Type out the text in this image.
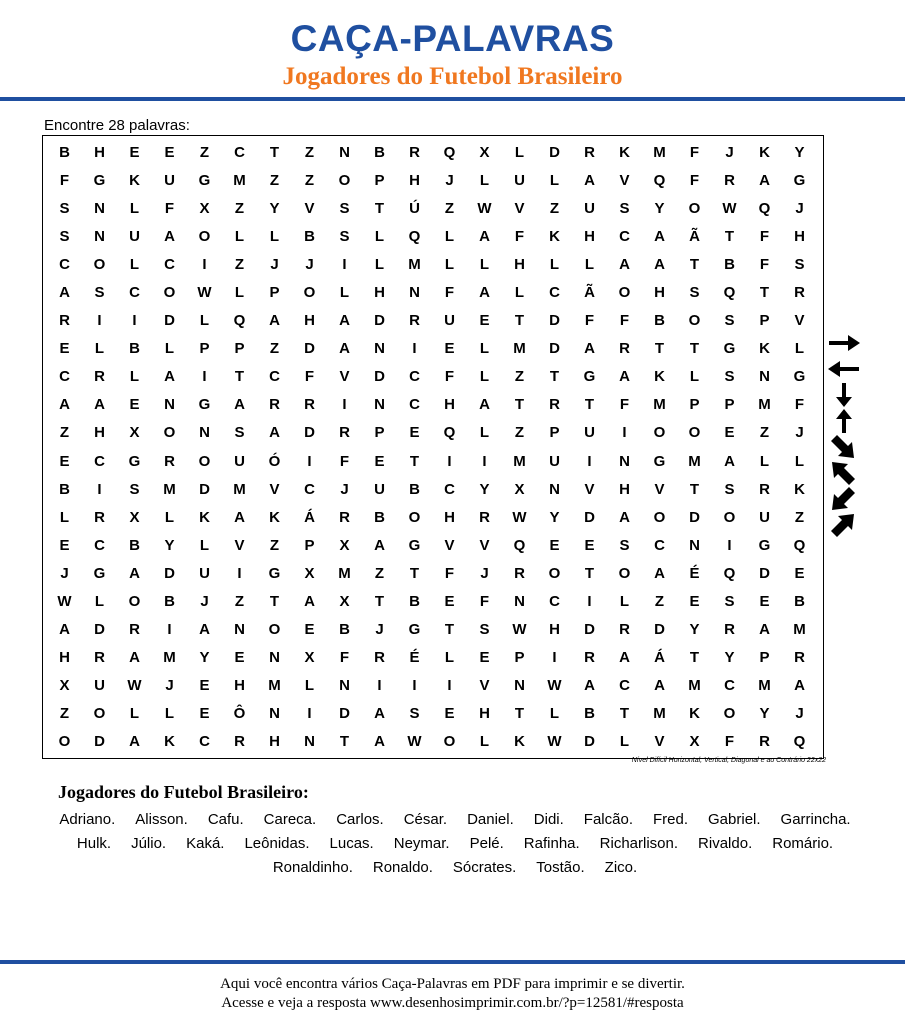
CAÇA-PALAVRAS
Jogadores do Futebol Brasileiro
Encontre 28 palavras:
B	H	E	E	Z	C	T	Z	N	B	R	Q	X	L	D	R	K	M	F	J	K	Y
F	G	K	U	G	M	Z	Z	O	P	H	J	L	U	L	A	V	Q	F	R	A	G
S	N	L	F	X	Z	Y	V	S	T	Ú	Z	W	V	Z	U	S	Y	O	W	Q	J
S	N	U	A	O	L	L	B	S	L	Q	L	A	F	K	H	C	A	Ã	T	F	H
C	O	L	C	I	Z	J	J	I	L	M	L	L	H	L	L	A	A	T	B	F	S
A	S	C	O	W	L	P	O	L	H	N	F	A	L	C	Ã	O	H	S	Q	T	R
R	I	I	D	L	Q	A	H	A	D	R	U	E	T	D	F	F	B	O	S	P	V
E	L	B	L	P	P	Z	D	A	N	I	E	L	M	D	A	R	T	T	G	K	L
C	R	L	A	I	T	C	F	V	D	C	F	L	Z	T	G	A	K	L	S	N	G
A	A	E	N	G	A	R	R	I	N	C	H	A	T	R	T	F	M	P	P	M	F
Z	H	X	O	N	S	A	D	R	P	E	Q	L	Z	P	U	I	O	O	E	Z	J
E	C	G	R	O	U	Ó	I	F	E	T	I	I	M	U	I	N	G	M	A	L	L
B	I	S	M	D	M	V	C	J	U	B	C	Y	X	N	V	H	V	T	S	R	K
L	R	X	L	K	A	K	Á	R	B	O	H	R	W	Y	D	A	O	D	O	U	Z
E	C	B	Y	L	V	Z	P	X	A	G	V	V	Q	E	E	S	C	N	I	G	Q
J	G	A	D	U	I	G	X	M	Z	T	F	J	R	O	T	O	A	É	Q	D	E
W	L	O	B	J	Z	T	A	X	T	B	E	F	N	C	I	L	Z	E	S	E	B
A	D	R	I	A	N	O	E	B	J	G	T	S	W	H	D	R	D	Y	R	A	M
H	R	A	M	Y	E	N	X	F	R	É	L	E	P	I	R	A	Á	T	Y	P	R
X	U	W	J	E	H	M	L	N	I	I	I	V	N	W	A	C	A	M	C	M	A
Z	O	L	L	E	Ô	N	I	D	A	S	E	H	T	L	B	T	M	K	O	Y	J
O	D	A	K	C	R	H	N	T	A	W	O	L	K	W	D	L	V	X	F	R	Q
Nível Difícil Horizontal, Vertical, Diagonal e ao Contrário 22x22
Jogadores do Futebol Brasileiro:
Adriano. Alisson. Cafu. Careca. Carlos. César. Daniel. Didi. Falcão. Fred. Gabriel. Garrincha.Hulk. Júlio. Kaká. Leônidas. Lucas. Neymar. Pelé. Rafinha. Richarlison. Rivaldo. Romário.Ronaldinho. Ronaldo. Sócrates. Tostão. Zico.
Aqui você encontra vários Caça-Palavras em PDF para imprimir e se divertir.
Acesse e veja a resposta www.desenhosimprimir.com.br/?p=12581/#resposta
